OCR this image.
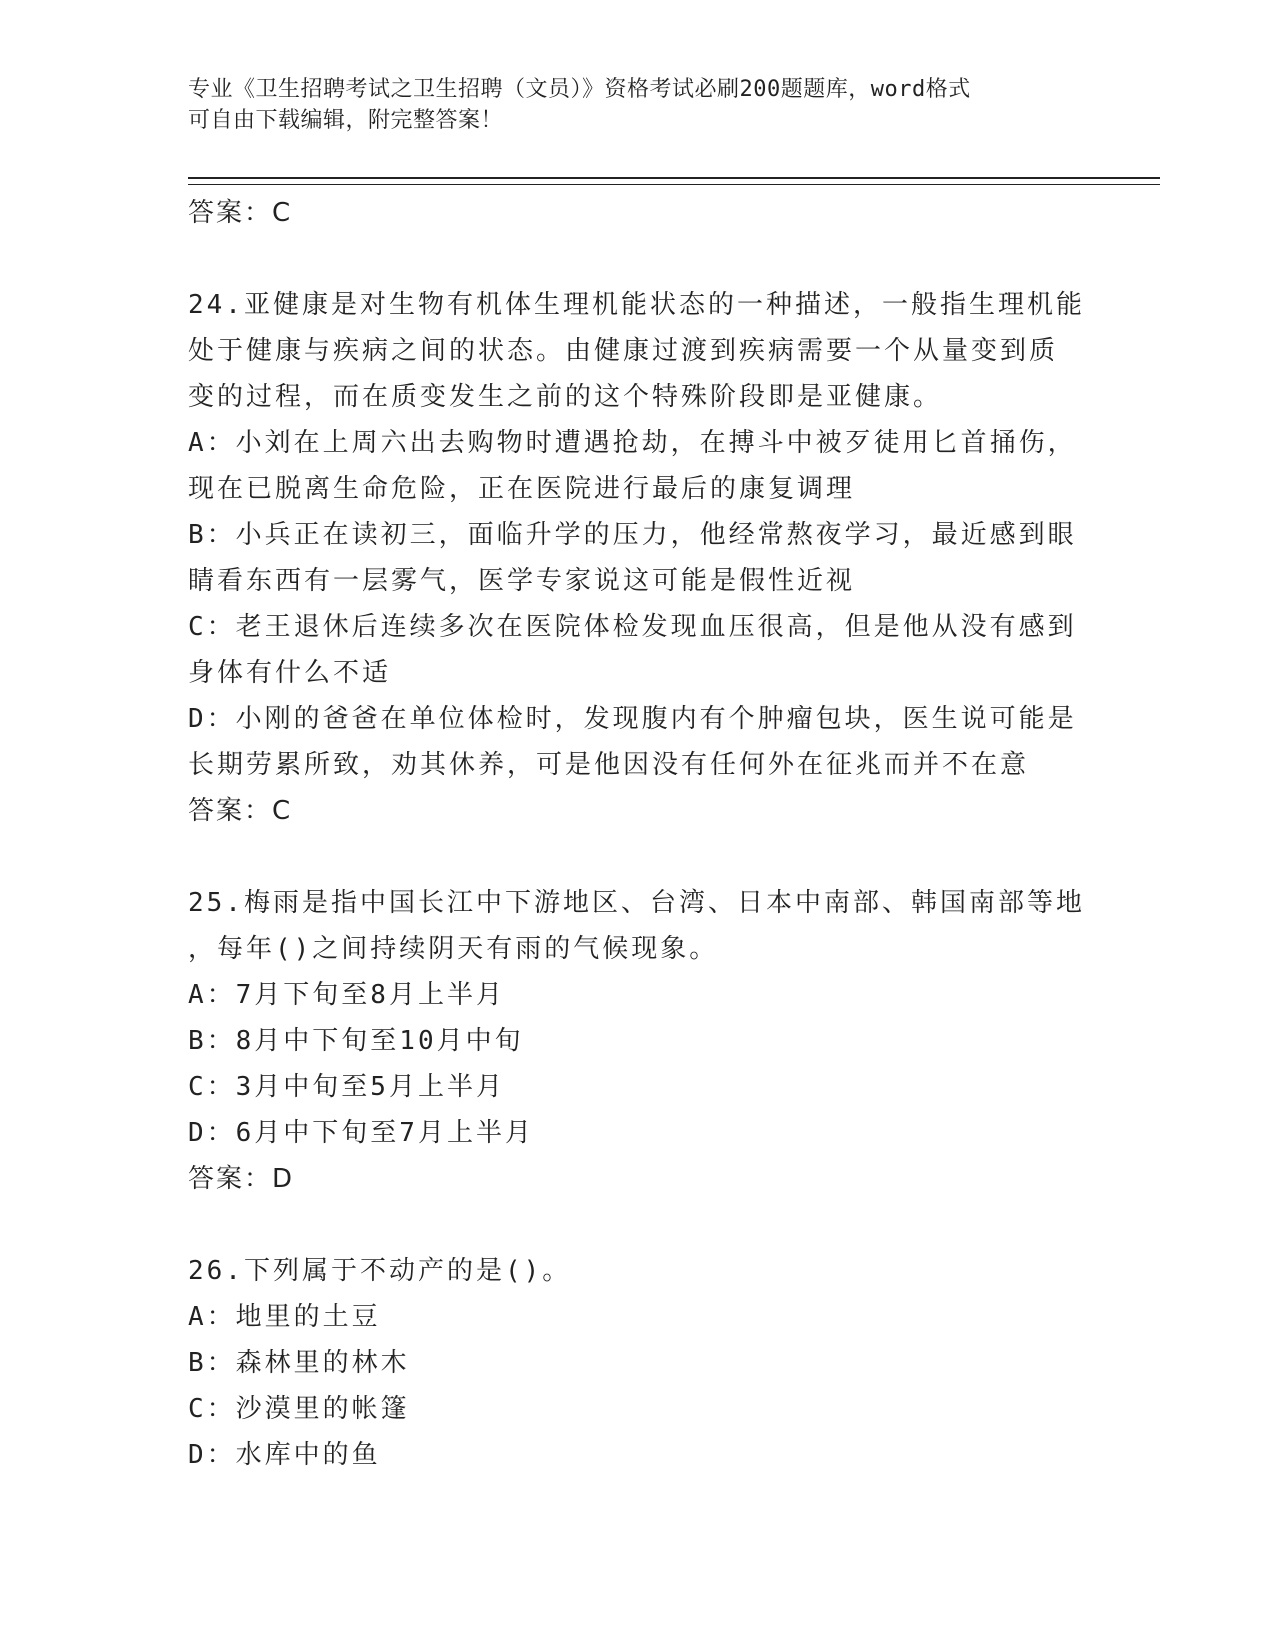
专业《卫生招聘考试之卫生招聘（文员）》资格考试必刷200题题库，word格式
可自由下载编辑，附完整答案！
答案：C
24.亚健康是对生物有机体生理机能状态的一种描述，一般指生理机能
处于健康与疾病之间的状态。由健康过渡到疾病需要一个从量变到质
变的过程，而在质变发生之前的这个特殊阶段即是亚健康。
A：小刘在上周六出去购物时遭遇抢劫，在搏斗中被歹徒用匕首捅伤，
现在已脱离生命危险，正在医院进行最后的康复调理
B：小兵正在读初三，面临升学的压力，他经常熬夜学习，最近感到眼
睛看东西有一层雾气，医学专家说这可能是假性近视
C：老王退休后连续多次在医院体检发现血压很高，但是他从没有感到
身体有什么不适
D：小刚的爸爸在单位体检时，发现腹内有个肿瘤包块，医生说可能是
长期劳累所致，劝其休养，可是他因没有任何外在征兆而并不在意
答案：C
25.梅雨是指中国长江中下游地区、台湾、日本中南部、韩国南部等地
，每年()之间持续阴天有雨的气候现象。
A：7月下旬至8月上半月
B：8月中下旬至10月中旬
C：3月中旬至5月上半月
D：6月中下旬至7月上半月
答案：D
26.下列属于不动产的是()。
A：地里的土豆
B：森林里的林木
C：沙漠里的帐篷
D：水库中的鱼
